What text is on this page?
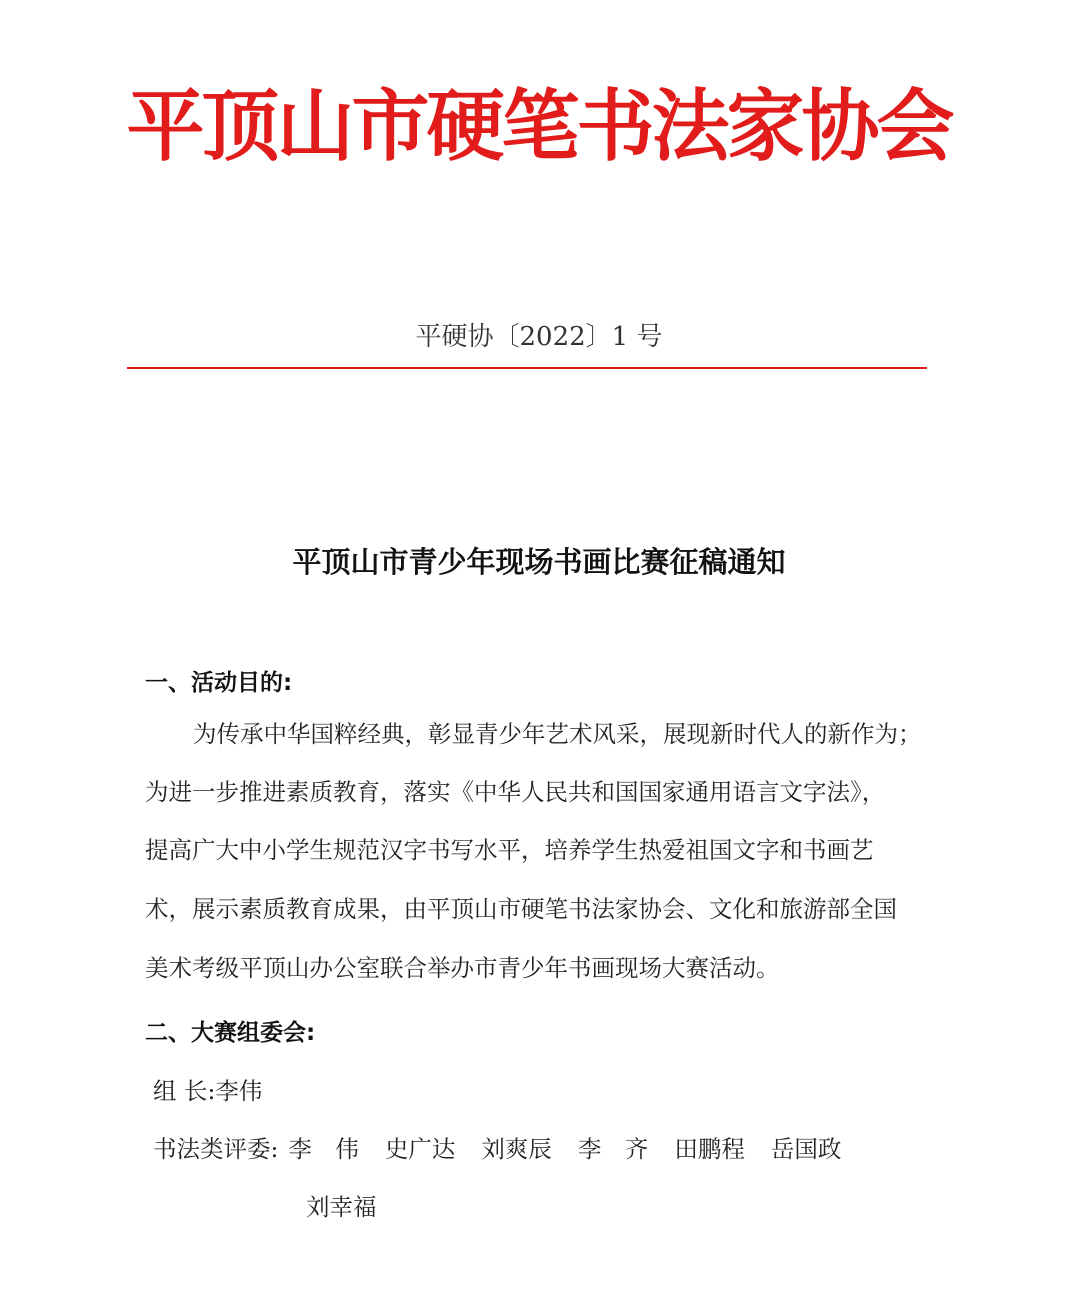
平顶山市硬笔书法家协会
平硬协〔2022〕1 号
平顶山市青少年现场书画比赛征稿通知
一、活动目的:
为传承中华国粹经典，彰显青少年艺术风采，展现新时代人的新作为；
为进一步推进素质教育，落实《中华人民共和国国家通用语言文字法》，
提高广大中小学生规范汉字书写水平，培养学生热爱祖国文字和书画艺
术，展示素质教育成果，由平顶山市硬笔书法家协会、文化和旅游部全国
美术考级平顶山办公室联合举办市青少年书画现场大赛活动。
二、大赛组委会:
组 长:李伟
书法类评委: 李　伟 史广达 刘爽辰 李　齐 田鹏程 岳国政
刘幸福
